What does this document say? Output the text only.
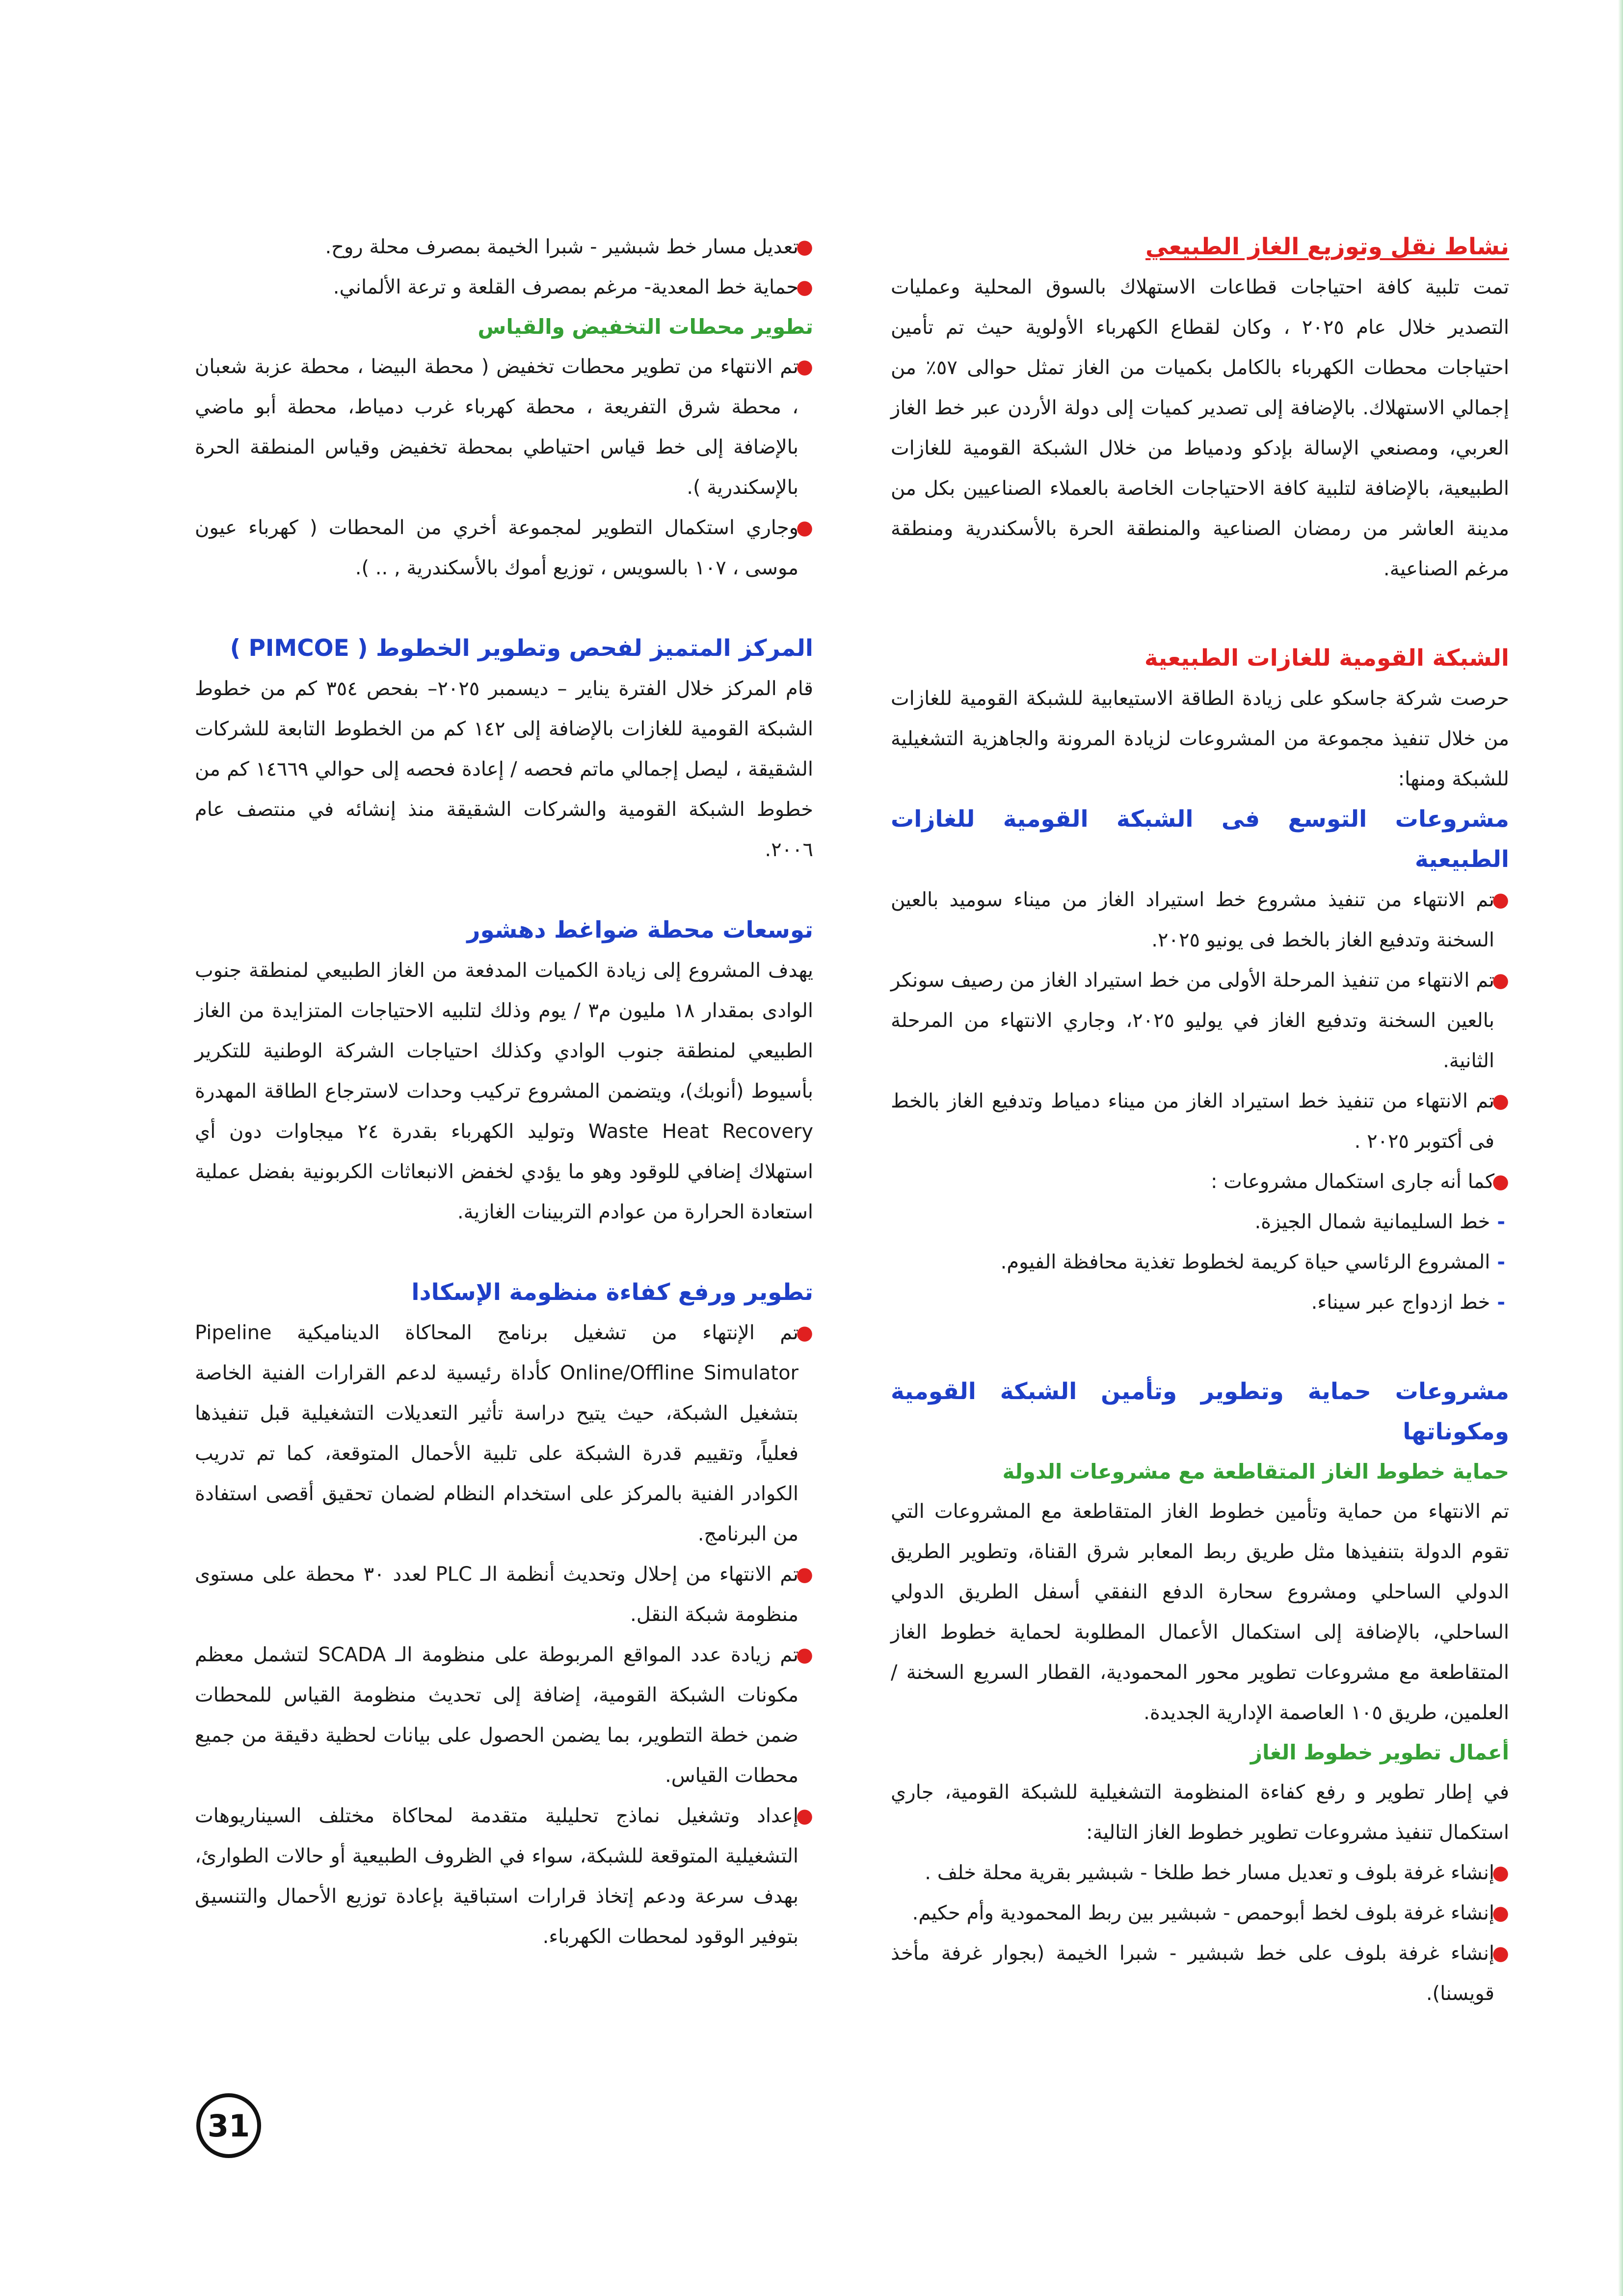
نشاط نقل وتوزيع الغاز الطبيعي

تمت تلبية كافة احتياجات قطاعات الاستهلاك بالسوق المحلية وعمليات التصدير خلال عام ٢٠٢٥ ، وكان لقطاع الكهرباء الأولوية حيث تم تأمين احتياجات محطات الكهرباء بالكامل بكميات من الغاز تمثل حوالى ٥٧٪ من إجمالي الاستهلاك. بالإضافة إلى تصدير كميات إلى دولة الأردن عبر خط الغاز العربي، ومصنعي الإسالة بإدكو ودمياط من خلال الشبكة القومية للغازات الطبيعية، بالإضافة لتلبية كافة الاحتياجات الخاصة بالعملاء الصناعيين بكل من مدينة العاشر من رمضان الصناعية والمنطقة الحرة بالأسكندرية ومنطقة مرغم الصناعية.

الشبكة القومية للغازات الطبيعية

حرصت شركة جاسكو على زيادة الطاقة الاستيعابية للشبكة القومية للغازات من خلال تنفيذ مجموعة من المشروعات لزيادة المرونة والجاهزية التشغيلية للشبكة ومنها:

مشروعات التوسع فى الشبكة القومية للغازات الطبيعية
●
تم الانتهاء من تنفيذ مشروع خط استيراد الغاز من ميناء سوميد بالعين السخنة وتدفيع الغاز بالخط فى يونيو ٢٠٢٥.
●
تم الانتهاء من تنفيذ المرحلة الأولى من خط استيراد الغاز من رصيف سونكر بالعين السخنة وتدفيع الغاز في يوليو ٢٠٢٥، وجاري الانتهاء من المرحلة الثانية.
●
تم الانتهاء من تنفيذ خط استيراد الغاز من ميناء دمياط وتدفيع الغاز بالخط فى أكتوبر ٢٠٢٥ .
●
كما أنه جارى استكمال مشروعات :
-خط السليمانية شمال الجيزة.
-المشروع الرئاسي حياة كريمة لخطوط تغذية محافظة الفيوم.
-خط ازدواج عبر سيناء.
مشروعات حماية وتطوير وتأمين الشبكة القومية ومكوناتها
حماية خطوط الغاز المتقاطعة مع مشروعات الدولة

تم الانتهاء من حماية وتأمين خطوط الغاز المتقاطعة مع المشروعات التي تقوم الدولة بتنفيذها مثل طريق ربط المعابر شرق القناة، وتطوير الطريق الدولي الساحلي ومشروع سحارة الدفع النفقي أسفل الطريق الدولي الساحلي، بالإضافة إلى استكمال الأعمال المطلوبة لحماية خطوط الغاز المتقاطعة مع مشروعات تطوير محور المحمودية، القطار السريع السخنة / العلمين، طريق ١٠٥ العاصمة الإدارية الجديدة.

أعمال تطوير خطوط الغاز

في إطار تطوير و رفع كفاءة المنظومة التشغيلية للشبكة القومية، جاري استكمال تنفيذ مشروعات تطوير خطوط الغاز التالية:

●
إنشاء غرفة بلوف و تعديل مسار خط طلخا - شبشير بقرية محلة خلف .
●
إنشاء غرفة بلوف لخط أبوحمص - شبشير بين ربط المحمودية وأم حكيم.
●
إنشاء غرفة بلوف على خط شبشير - شبرا الخيمة (بجوار غرفة مأخذ قويسنا).
●
تعديل مسار خط شبشير - شبرا الخيمة بمصرف محلة روح.
●
حماية خط المعدية- مرغم بمصرف القلعة و ترعة الألماني.
تطوير محطات التخفيض والقياس
●
تم الانتهاء من تطوير محطات تخفيض ( محطة البيضا ، محطة عزبة شعبان ، محطة شرق التفريعة ، محطة كهرباء غرب دمياط، محطة أبو ماضي بالإضافة إلى خط قياس احتياطي بمحطة تخفيض وقياس المنطقة الحرة بالإسكندرية ).
●
وجاري استكمال التطوير لمجموعة أخري من المحطات ( كهرباء عيون موسى ، ١٠٧ بالسويس ، توزيع أموك بالأسكندرية , .. ).
المركز المتميز لفحص وتطوير الخطوط ( PIMCOE )

قام المركز خلال الفترة يناير – ديسمبر ٢٠٢٥– بفحص ٣٥٤ كم من خطوط الشبكة القومية للغازات بالإضافة إلى ١٤٢ كم من الخطوط التابعة للشركات الشقيقة ، ليصل إجمالي ماتم فحصه / إعادة فحصه إلى حوالي ١٤٦٦٩ كم من خطوط الشبكة القومية والشركات الشقيقة منذ إنشائه في منتصف عام ٢٠٠٦.

توسعات محطة ضواغط دهشور

يهدف المشروع إلى زيادة الكميات المدفعة من الغاز الطبيعي لمنطقة جنوب الوادى بمقدار ١٨ مليون م٣ / يوم وذلك لتلبيه الاحتياجات المتزايدة من الغاز الطبيعي لمنطقة جنوب الوادي وكذلك احتياجات الشركة الوطنية للتكرير بأسيوط (أنوبك)، ويتضمن المشروع تركيب وحدات لاسترجاع الطاقة المهدرة Waste Heat Recovery وتوليد الكهرباء بقدرة ٢٤ ميجاوات دون أي استهلاك إضافي للوقود وهو ما يؤدي لخفض الانبعاثات الكربونية بفضل عملية استعادة الحرارة من عوادم التربينات الغازية.

تطوير ورفع كفاءة منظومة الإسكادا
●
تم الإنتهاء من تشغيل برنامج المحاكاة الديناميكية Pipeline Online/Offline Simulator كأداة رئيسية لدعم القرارات الفنية الخاصة بتشغيل الشبكة، حيث يتيح دراسة تأثير التعديلات التشغيلية قبل تنفيذها فعلياً، وتقييم قدرة الشبكة على تلبية الأحمال المتوقعة، كما تم تدريب الكوادر الفنية بالمركز على استخدام النظام لضمان تحقيق أقصى استفادة من البرنامج.
●
تم الانتهاء من إحلال وتحديث أنظمة الـ PLC لعدد ٣٠ محطة على مستوى منظومة شبكة النقل.
●
تم زيادة عدد المواقع المربوطة على منظومة الـ SCADA لتشمل معظم مكونات الشبكة القومية، إضافة إلى تحديث منظومة القياس للمحطات ضمن خطة التطوير، بما يضمن الحصول على بيانات لحظية دقيقة من جميع محطات القياس.
●
إعداد وتشغيل نماذج تحليلية متقدمة لمحاكاة مختلف السيناريوهات التشغيلية المتوقعة للشبكة، سواء في الظروف الطبيعية أو حالات الطوارئ، بهدف سرعة ودعم إتخاذ قرارات استباقية بإعادة توزيع الأحمال والتنسيق بتوفير الوقود لمحطات الكهرباء.
31
